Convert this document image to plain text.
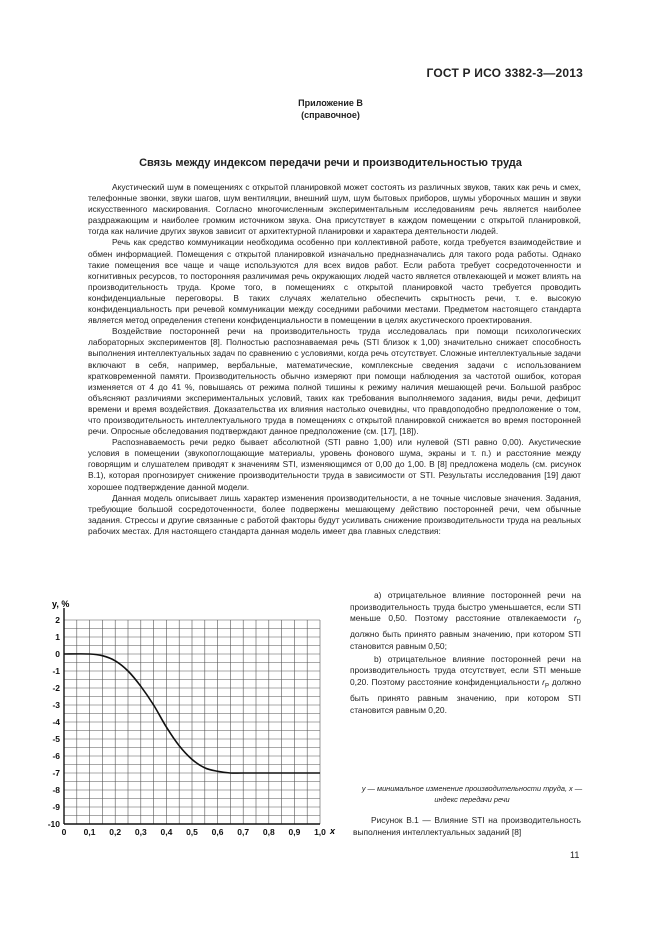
ГОСТ Р ИСО 3382-3—2013
Приложение В
(справочное)
Связь между индексом передачи речи и производительностью труда

Акустический шум в помещениях с открытой планировкой может состоять из различных звуков, таких как речь и смех, телефонные звонки, звуки шагов, шум вентиляции, внешний шум, шум бытовых приборов, шумы уборочных машин и звуки искусственного маскирования. Согласно многочисленным экспериментальным исследованиям речь является наиболее раздражающим и наиболее громким источником звука. Она присутствует в каждом помещении с открытой планировкой, тогда как наличие других звуков зависит от архитектурной планировки и характера деятельности людей.

Речь как средство коммуникации необходима особенно при коллективной работе, когда требуется взаимодействие и обмен информацией. Помещения с открытой планировкой изначально предназначались для такого рода работы. Однако такие помещения все чаще и чаще используются для всех видов работ. Если работа требует сосредоточенности и когнитивных ресурсов, то посторонняя различимая речь окружающих людей часто является отвлекающей и может влиять на производительность труда. Кроме того, в помещениях с открытой планировкой часто требуется проводить конфиденциальные переговоры. В таких случаях желательно обеспечить скрытность речи, т. е. высокую конфиденциальность при речевой коммуникации между соседними рабочими местами. Предметом настоящего стандарта является метод определения степени конфиденциальности в помещении в целях акустического проектирования.

Воздействие посторонней речи на производительность труда исследовалась при помощи психологических лабораторных экспериментов [8]. Полностью распознаваемая речь (STI близок к 1,00) значительно снижает способность выполнения интеллектуальных задач по сравнению с условиями, когда речь отсутствует. Сложные интеллектуальные задачи включают в себя, например, вербальные, математические, комплексные сведения задачи с использованием кратковременной памяти. Производительность обычно измеряют при помощи наблюдения за частотой ошибок, которая изменяется от 4 до 41 %, повышаясь от режима полной тишины к режиму наличия мешающей речи. Большой разброс объясняют различиями экспериментальных условий, таких как требования выполняемого задания, виды речи, дефицит времени и время воздействия. Доказательства их влияния настолько очевидны, что правдоподобно предположение о том, что производительность интеллектуального труда в помещениях с открытой планировкой снижается во время посторонней речи. Опросные обследования подтверждают данное предположение (см. [17], [18]).

Распознаваемость речи редко бывает абсолютной (STI равно 1,00) или нулевой (STI равно 0,00). Акустические условия в помещении (звукопоглощающие материалы, уровень фонового шума, экраны и т. п.) и расстояние между говорящим и слушателем приводят к значениям STI, изменяющимся от 0,00 до 1,00. В [8] предложена модель (см. рисунок В.1), которая прогнозирует снижение производительности труда в зависимости от STI. Результаты исследования [19] дают хорошее подтверждение данной модели.

Данная модель описывает лишь характер изменения производительности, а не точные числовые значения. Задания, требующие большой сосредоточенности, более подвержены мешающему действию посторонней речи, чем обычные задания. Стрессы и другие связанные с работой факторы будут усиливать снижение производительности труда на реальных рабочих местах. Для настоящего стандарта данная модель имеет два главных следствия:

2
1
0
-1
-2
-3
-4
-5
-6
-7
-8
-9
-10
0 0,1 0,2 0,3 0,4 0,5 0,6 0,7 0,8 0,9 1,0
у, %
х

а) отрицательное влияние посторонней речи на производительность труда быстро уменьшается, если STI меньше 0,50. Поэтому расстояние отвлекаемости $r_D$ должно быть принято равным значению, при котором STI становится равным 0,50;

b) отрицательное влияние посторонней речи на производительность труда отсутствует, если STI меньше 0,20. Поэтому расстояние конфиденциальности $r_P$ должно быть принято равным значению, при котором STI становится равным 0,20.

у — минимальное изменение производительности труда, х — индекс передачи речи

Рисунок В.1 — Влияние STI на производительность выполнения интеллектуальных заданий [8]

11
